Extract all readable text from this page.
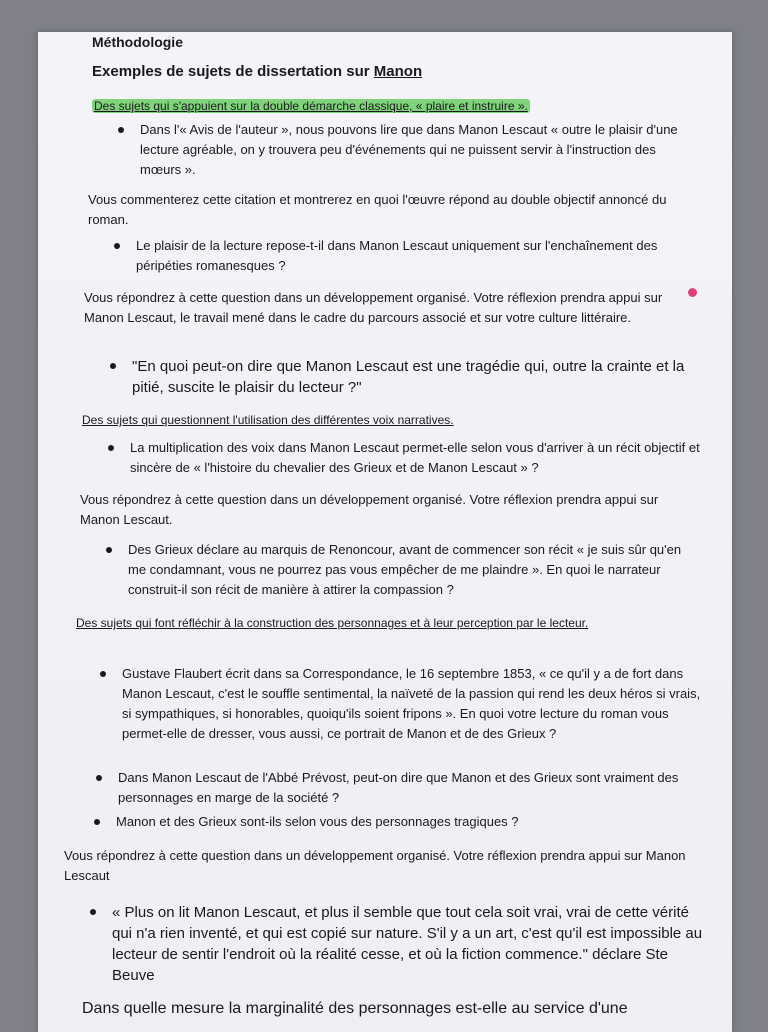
Méthodologie
Exemples de sujets de dissertation sur Manon
Des sujets qui s'appuient sur la double démarche classique, « plaire et instruire ».
Dans l'« Avis de l'auteur », nous pouvons lire que dans Manon Lescaut « outre le plaisir d'une lecture agréable, on y trouvera peu d'événements qui ne puissent servir à l'instruction des mœurs ».
Vous commenterez cette citation et montrerez en quoi l'œuvre répond au double objectif annoncé du roman.
Le plaisir de la lecture repose-t-il dans Manon Lescaut uniquement sur l'enchaînement des péripéties romanesques ?
Vous répondrez à cette question dans un développement organisé. Votre réflexion prendra appui sur Manon Lescaut, le travail mené dans le cadre du parcours associé et sur votre culture littéraire.
"En quoi peut-on dire que Manon Lescaut est une tragédie qui, outre la crainte et la pitié, suscite le plaisir du lecteur ?"
Des sujets qui questionnent l'utilisation des différentes voix narratives.
La multiplication des voix dans Manon Lescaut permet-elle selon vous d'arriver à un récit objectif et sincère de « l'histoire du chevalier des Grieux et de Manon Lescaut » ?
Vous répondrez à cette question dans un développement organisé. Votre réflexion prendra appui sur Manon Lescaut.
Des Grieux déclare au marquis de Renoncour, avant de commencer son récit « je suis sûr qu'en me condamnant, vous ne pourrez pas vous empêcher de me plaindre ». En quoi le narrateur construit-il son récit de manière à attirer la compassion ?
Des sujets qui font réfléchir à la construction des personnages et à leur perception par le lecteur.
Gustave Flaubert écrit dans sa Correspondance, le 16 septembre 1853, « ce qu'il y a de fort dans Manon Lescaut, c'est le souffle sentimental, la naïveté de la passion qui rend les deux héros si vrais, si sympathiques, si honorables, quoiqu'ils soient fripons ». En quoi votre lecture du roman vous permet-elle de dresser, vous aussi, ce portrait de Manon et de des Grieux ?
Dans Manon Lescaut de l'Abbé Prévost, peut-on dire que Manon et des Grieux sont vraiment des personnages en marge de la société ?
Manon et des Grieux sont-ils selon vous des personnages tragiques ?
Vous répondrez à cette question dans un développement organisé. Votre réflexion prendra appui sur Manon Lescaut
« Plus on lit Manon Lescaut, et plus il semble que tout cela soit vrai, vrai de cette vérité qui n'a rien inventé, et qui est copié sur nature. S'il y a un art, c'est qu'il est impossible au lecteur de sentir l'endroit où la réalité cesse, et où la fiction commence." déclare Ste Beuve
Dans quelle mesure la marginalité des personnages est-elle au service d'une
